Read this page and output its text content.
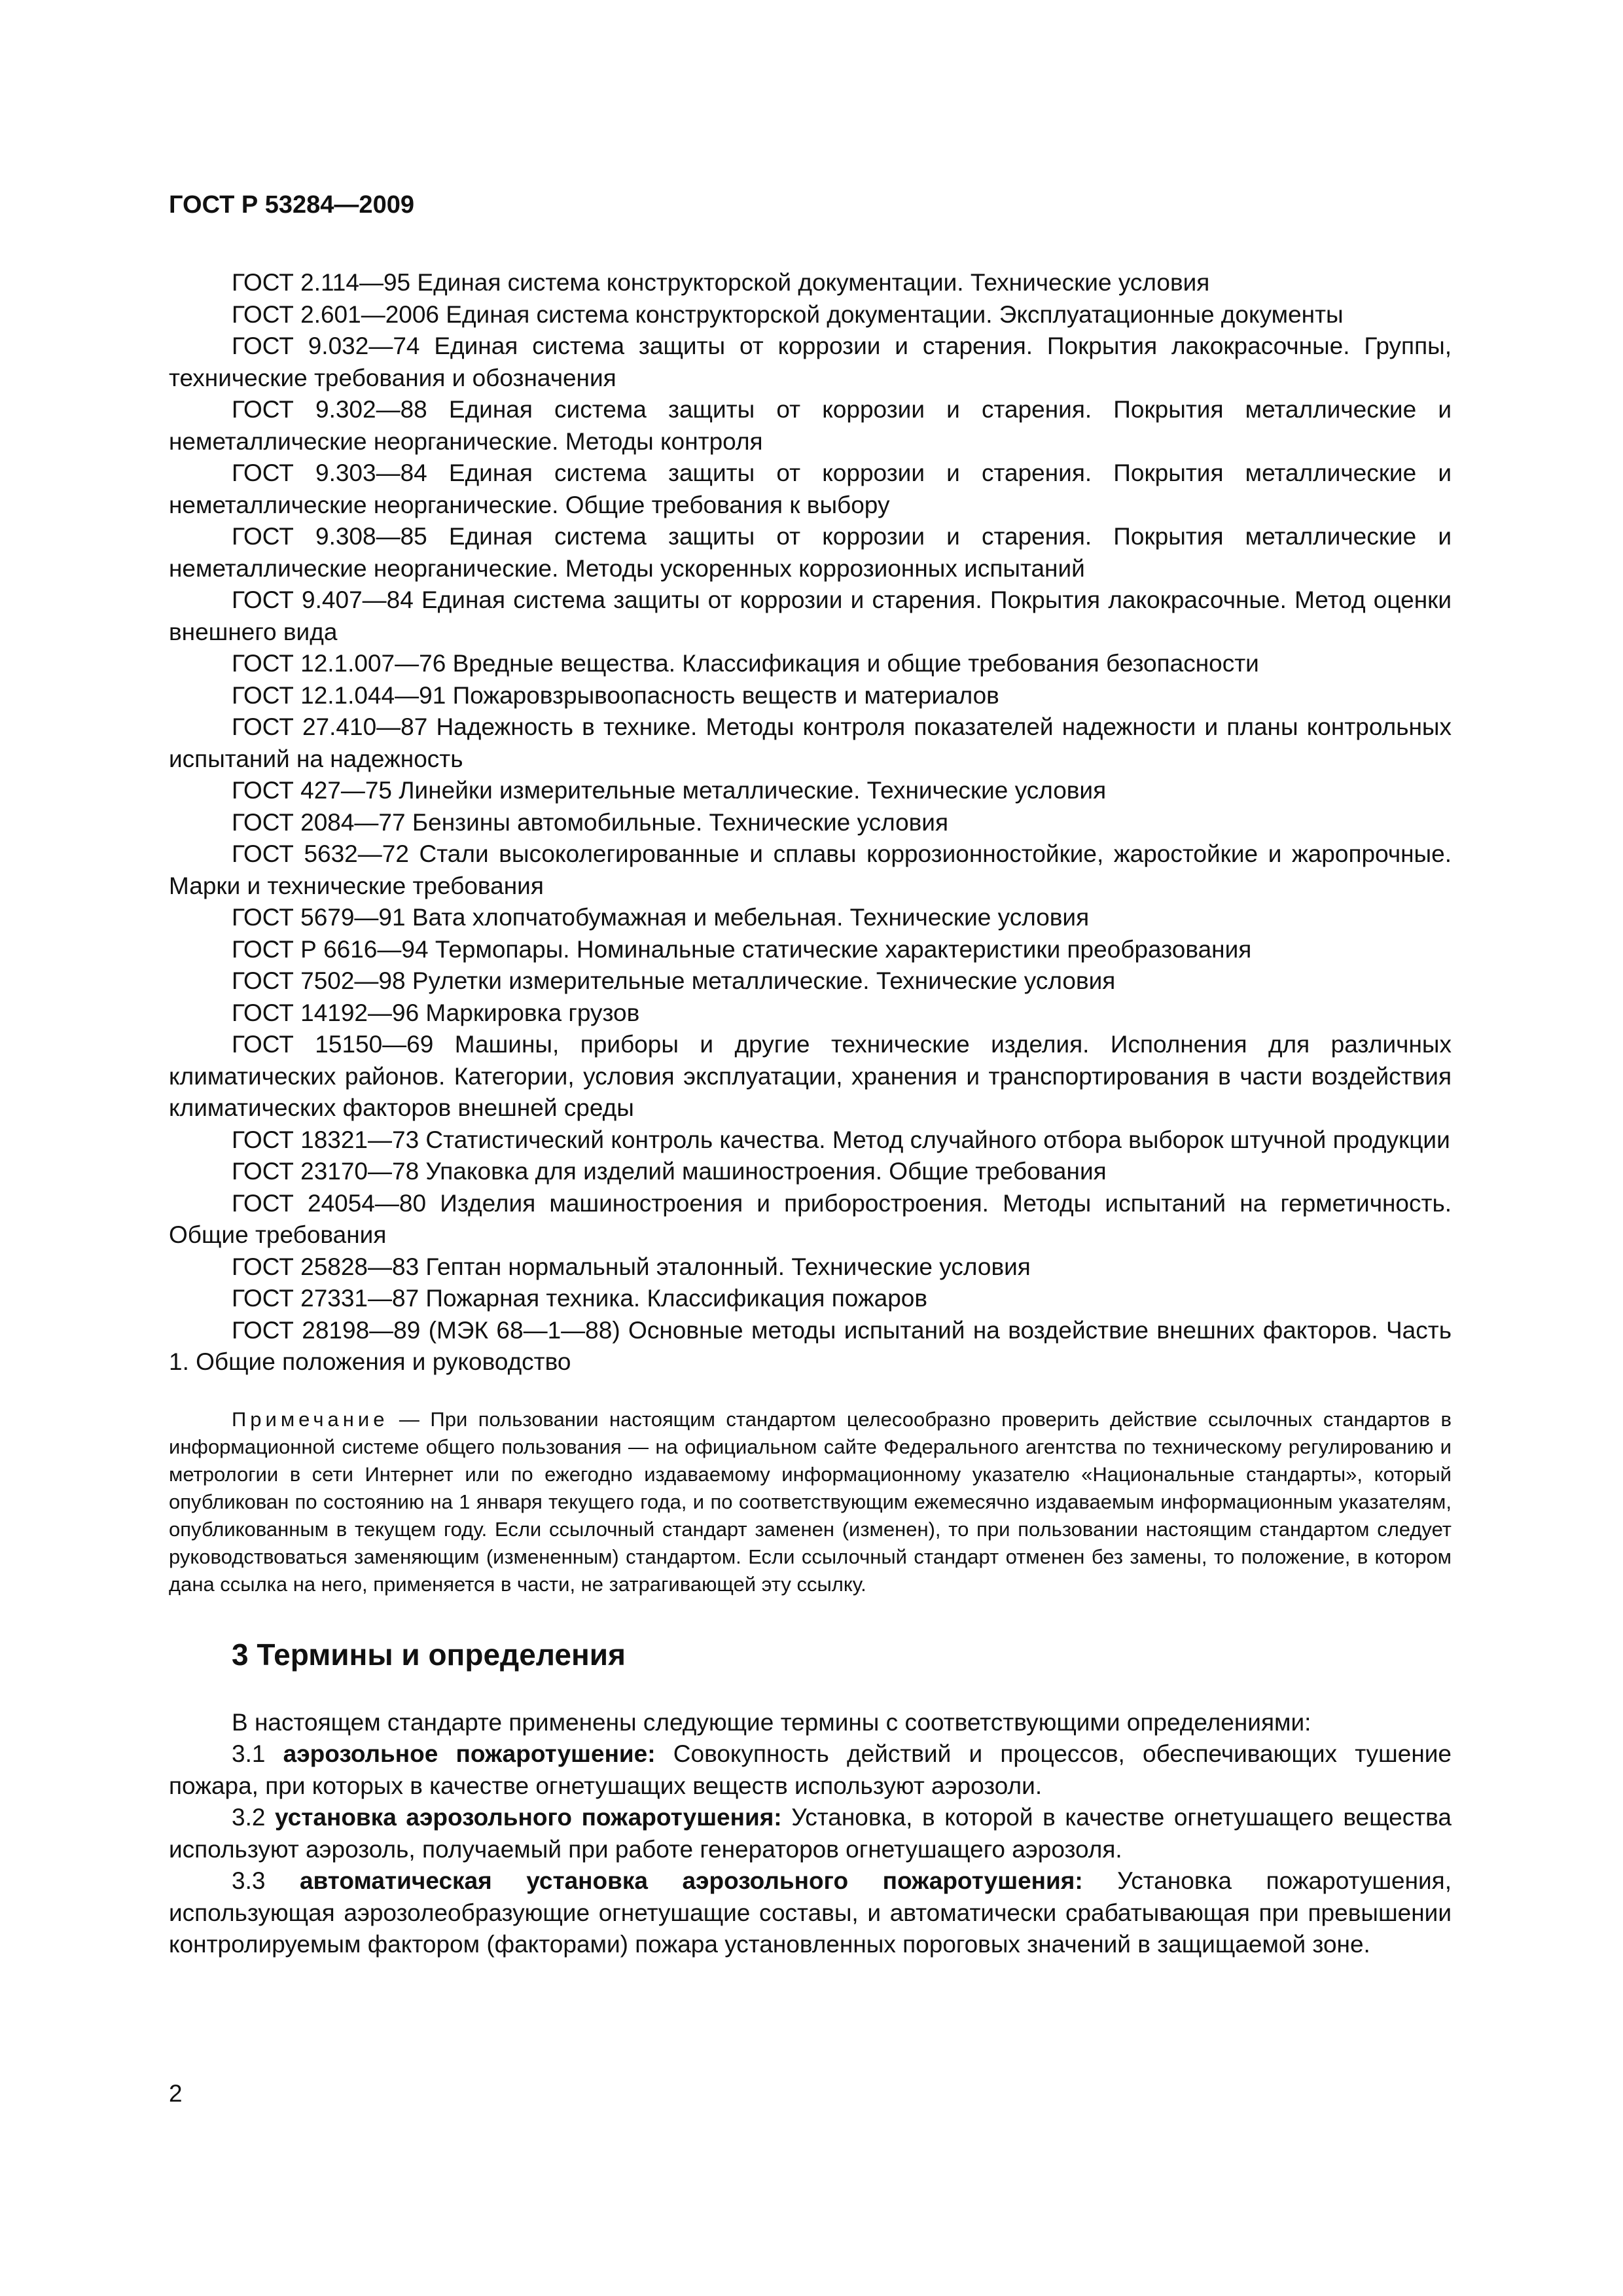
ГОСТ Р 53284—2009

ГОСТ 2.114—95 Единая система конструкторской документации. Технические условия

ГОСТ 2.601—2006 Единая система конструкторской документации. Эксплуатационные документы

ГОСТ 9.032—74 Единая система защиты от коррозии и старения. Покрытия лакокрасочные. Группы, технические требования и обозначения

ГОСТ 9.302—88 Единая система защиты от коррозии и старения. Покрытия металлические и неметаллические неорганические. Методы контроля

ГОСТ 9.303—84 Единая система защиты от коррозии и старения. Покрытия металлические и неметаллические неорганические. Общие требования к выбору

ГОСТ 9.308—85 Единая система защиты от коррозии и старения. Покрытия металлические и неметаллические неорганические. Методы ускоренных коррозионных испытаний

ГОСТ 9.407—84 Единая система защиты от коррозии и старения. Покрытия лакокрасочные. Метод оценки внешнего вида

ГОСТ 12.1.007—76 Вредные вещества. Классификация и общие требования безопасности

ГОСТ 12.1.044—91 Пожаровзрывоопасность веществ и материалов

ГОСТ 27.410—87 Надежность в технике. Методы контроля показателей надежности и планы контрольных испытаний на надежность

ГОСТ 427—75 Линейки измерительные металлические. Технические условия

ГОСТ 2084—77 Бензины автомобильные. Технические условия

ГОСТ 5632—72 Стали высоколегированные и сплавы коррозионностойкие, жаростойкие и жаропрочные. Марки и технические требования

ГОСТ 5679—91 Вата хлопчатобумажная и мебельная. Технические условия

ГОСТ Р 6616—94 Термопары. Номинальные статические характеристики преобразования

ГОСТ 7502—98 Рулетки измерительные металлические. Технические условия

ГОСТ 14192—96 Маркировка грузов

ГОСТ 15150—69 Машины, приборы и другие технические изделия. Исполнения для различных климатических районов. Категории, условия эксплуатации, хранения и транспортирования в части воздействия климатических факторов внешней среды

ГОСТ 18321—73 Статистический контроль качества. Метод случайного отбора выборок штучной продукции

ГОСТ 23170—78 Упаковка для изделий машиностроения. Общие требования

ГОСТ 24054—80 Изделия машиностроения и приборостроения. Методы испытаний на герметичность. Общие требования

ГОСТ 25828—83 Гептан нормальный эталонный. Технические условия

ГОСТ 27331—87 Пожарная техника. Классификация пожаров

ГОСТ 28198—89 (МЭК 68—1—88) Основные методы испытаний на воздействие внешних факторов. Часть 1. Общие положения и руководство

Примечание — При пользовании настоящим стандартом целесообразно проверить действие ссылочных стандартов в информационной системе общего пользования — на официальном сайте Федерального агентства по техническому регулированию и метрологии в сети Интернет или по ежегодно издаваемому информационному указателю «Национальные стандарты», который опубликован по состоянию на 1 января текущего года, и по соответствующим ежемесячно издаваемым информационным указателям, опубликованным в текущем году. Если ссылочный стандарт заменен (изменен), то при пользовании настоящим стандартом следует руководствоваться заменяющим (измененным) стандартом. Если ссылочный стандарт отменен без замены, то положение, в котором дана ссылка на него, применяется в части, не затрагивающей эту ссылку.

3 Термины и определения

В настоящем стандарте применены следующие термины с соответствующими определениями:

3.1 аэрозольное пожаротушение: Совокупность действий и процессов, обеспечивающих тушение пожара, при которых в качестве огнетушащих веществ используют аэрозоли.

3.2 установка аэрозольного пожаротушения: Установка, в которой в качестве огнетушащего вещества используют аэрозоль, получаемый при работе генераторов огнетушащего аэрозоля.

3.3 автоматическая установка аэрозольного пожаротушения: Установка пожаротушения, использующая аэрозолеобразующие огнетушащие составы, и автоматически срабатывающая при превышении контролируемым фактором (факторами) пожара установленных пороговых значений в защищаемой зоне.

2
